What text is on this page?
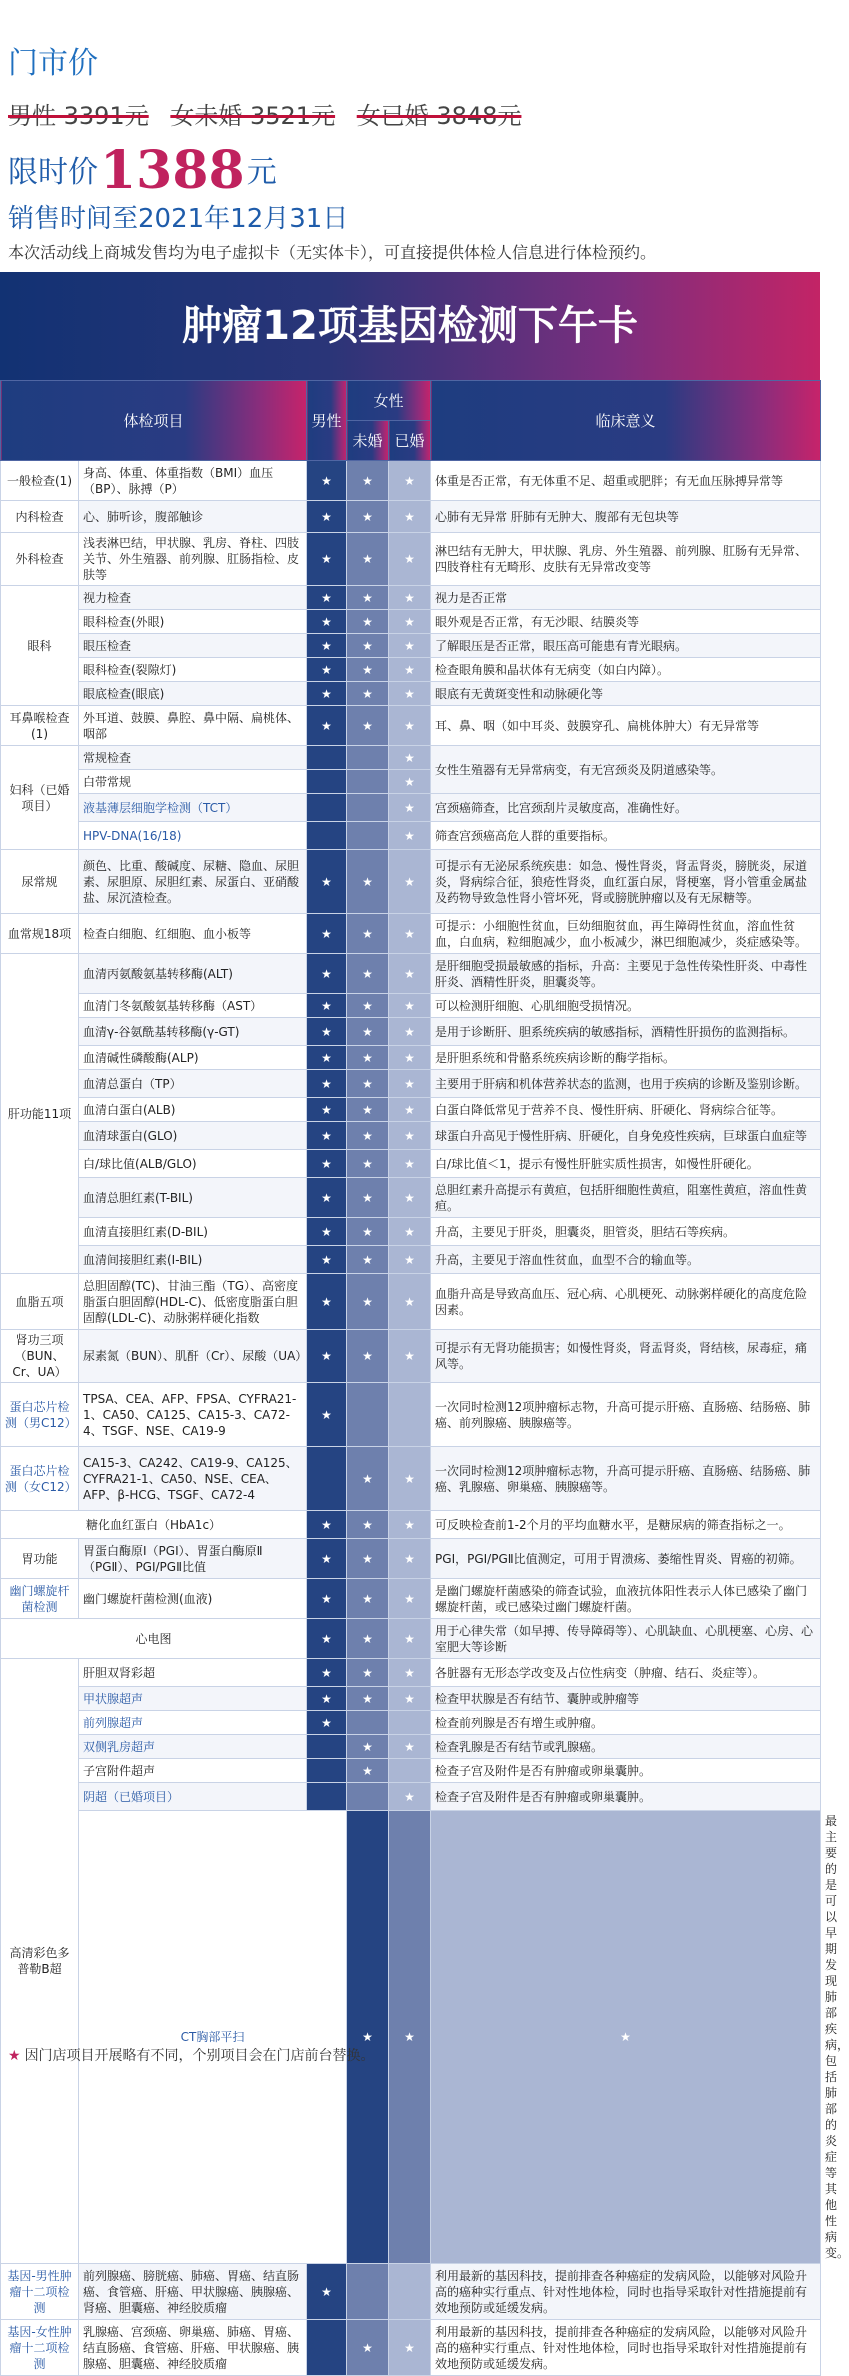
门市价
男性 3391元 女未婚 3521元 女已婚 3848元
限时价1388元
销售时间至2021年12月31日
本次活动线上商城发售均为电子虚拟卡（无实体卡），可直接提供体检人信息进行体检预约。
肿瘤12项基因检测下午卡
体检项目		男性	女性		临床意义	
			未婚	已婚		
一般检查(1)	身高、体重、体重指数（BMI）血压（BP）、脉搏（P）	★	★	★	体重是否正常，有无体重不足、超重或肥胖；有无血压脉搏异常等	
内科检查	心、肺听诊，腹部触诊	★	★	★	心肺有无异常 肝肺有无肿大、腹部有无包块等	
外科检查	浅表淋巴结，甲状腺、乳房、脊柱、四肢关节、外生殖器、前列腺、肛肠指检、皮肤等	★	★	★	淋巴结有无肿大，甲状腺、乳房、外生殖器、前列腺、肛肠有无异常、四肢脊柱有无畸形、皮肤有无异常改变等	
眼科	视力检查	★	★	★	视力是否正常	
	眼科检查(外眼)	★	★	★	眼外观是否正常，有无沙眼、结膜炎等	
	眼压检查	★	★	★	了解眼压是否正常，眼压高可能患有青光眼病。	
	眼科检查(裂隙灯)	★	★	★	检查眼角膜和晶状体有无病变（如白内障）。	
	眼底检查(眼底)	★	★	★	眼底有无黄斑变性和动脉硬化等	
耳鼻喉检查(1)	外耳道、鼓膜、鼻腔、鼻中隔、扁桃体、咽部	★	★	★	耳、鼻、咽（如中耳炎、鼓膜穿孔、扁桃体肿大）有无异常等	
妇科（已婚项目）	常规检查			★	女性生殖器有无异常病变，有无宫颈炎及阴道感染等。	
	白带常规			★		
	液基薄层细胞学检测（TCT）			★	宫颈癌筛查，比宫颈刮片灵敏度高，准确性好。	
	HPV-DNA(16/18)			★	筛查宫颈癌高危人群的重要指标。	
尿常规	颜色、比重、酸碱度、尿糖、隐血、尿胆素、尿胆原、尿胆红素、尿蛋白、亚硝酸盐、尿沉渣检查。	★	★	★	可提示有无泌尿系统疾患：如急、慢性肾炎，肾盂肾炎，膀胱炎，尿道炎，肾病综合征，狼疮性肾炎，血红蛋白尿，肾梗塞，肾小管重金属盐及药物导致急性肾小管坏死，肾或膀胱肿瘤以及有无尿糖等。	
血常规18项	检查白细胞、红细胞、血小板等	★	★	★	可提示：小细胞性贫血，巨幼细胞贫血，再生障碍性贫血，溶血性贫血，白血病，粒细胞减少，血小板减少，淋巴细胞减少，炎症感染等。	
肝功能11项	血清丙氨酸氨基转移酶(ALT)	★	★	★	是肝细胞受损最敏感的指标，升高：主要见于急性传染性肝炎、中毒性肝炎、酒精性肝炎，胆囊炎等。	
	血清门冬氨酸氨基转移酶（AST）	★	★	★	可以检测肝细胞、心肌细胞受损情况。	
	血清γ-谷氨酰基转移酶(γ-GT)	★	★	★	是用于诊断肝、胆系统疾病的敏感指标，酒精性肝损伤的监测指标。	
	血清碱性磷酸酶(ALP)	★	★	★	是肝胆系统和骨骼系统疾病诊断的酶学指标。	
	血清总蛋白（TP）	★	★	★	主要用于肝病和机体营养状态的监测，也用于疾病的诊断及鉴别诊断。	
	血清白蛋白(ALB)	★	★	★	白蛋白降低常见于营养不良、慢性肝病、肝硬化、肾病综合征等。	
	血清球蛋白(GLO)	★	★	★	球蛋白升高见于慢性肝病、肝硬化，自身免疫性疾病，巨球蛋白血症等	
	白/球比值(ALB/GLO)	★	★	★	白/球比值＜1，提示有慢性肝脏实质性损害，如慢性肝硬化。	
	血清总胆红素(T-BIL)	★	★	★	总胆红素升高提示有黄疸，包括肝细胞性黄疸，阻塞性黄疸，溶血性黄疸。	
	血清直接胆红素(D-BIL)	★	★	★	升高，主要见于肝炎，胆囊炎，胆管炎，胆结石等疾病。	
	血清间接胆红素(I-BIL)	★	★	★	升高，主要见于溶血性贫血，血型不合的输血等。	
血脂五项	总胆固醇(TC)、甘油三酯（TG）、高密度脂蛋白胆固醇(HDL-C)、低密度脂蛋白胆固醇(LDL-C)、动脉粥样硬化指数	★	★	★	血脂升高是导致高血压、冠心病、心肌梗死、动脉粥样硬化的高度危险因素。	
肾功三项（BUN、Cr、UA）	尿素氮（BUN）、肌酐（Cr）、尿酸（UA）	★	★	★	可提示有无肾功能损害；如慢性肾炎，肾盂肾炎，肾结核，尿毒症，痛风等。	
蛋白芯片检测（男C12）	TPSA、CEA、AFP、FPSA、CYFRA21-1、CA50、CA125、CA15-3、CA72-4、TSGF、NSE、CA19-9	★			一次同时检测12项肿瘤标志物，升高可提示肝癌、直肠癌、结肠癌、肺癌、前列腺癌、胰腺癌等。	
蛋白芯片检测（女C12）	CA15-3、CA242、CA19-9、CA125、CYFRA21-1、CA50、NSE、CEA、AFP、β-HCG、TSGF、CA72-4		★	★	一次同时检测12项肿瘤标志物，升高可提示肝癌、直肠癌、结肠癌、肺癌、乳腺癌、卵巢癌、胰腺癌等。	
糖化血红蛋白（HbA1c）		★	★	★	可反映检查前1-2个月的平均血糖水平，是糖尿病的筛查指标之一。	
胃功能	胃蛋白酶原Ⅰ（PGⅠ）、胃蛋白酶原Ⅱ（PGⅡ）、PGⅠ/PGⅡ比值	★	★	★	PGⅠ，PGⅠ/PGⅡ比值测定，可用于胃溃疡、萎缩性胃炎、胃癌的初筛。	
幽门螺旋杆菌检测	幽门螺旋杆菌检测(血液)	★	★	★	是幽门螺旋杆菌感染的筛查试验，血液抗体阳性表示人体已感染了幽门螺旋杆菌，或已感染过幽门螺旋杆菌。	
心电图		★	★	★	用于心律失常（如早搏、传导障碍等）、心肌缺血、心肌梗塞、心房、心室肥大等诊断	
高清彩色多普勒B超	肝胆双肾彩超	★	★	★	各脏器有无形态学改变及占位性病变（肿瘤、结石、炎症等）。	
	甲状腺超声	★	★	★	检查甲状腺是否有结节、囊肿或肿瘤等	
	前列腺超声	★			检查前列腺是否有增生或肿瘤。	
	双侧乳房超声		★	★	检查乳腺是否有结节或乳腺癌。	
	子宫附件超声		★		检查子宫及附件是否有肿瘤或卵巢囊肿。	
	阴超（已婚项目）			★	检查子宫及附件是否有肿瘤或卵巢囊肿。	
	CT胸部平扫		★	★	★	最主要的是可以早期发现肺部疾病，包括肺部的炎症等其他性病变。
基因-男性肿瘤十二项检测	前列腺癌、膀胱癌、肺癌、胃癌、结直肠癌、食管癌、肝癌、甲状腺癌、胰腺癌、肾癌、胆囊癌、神经胶质瘤	★			利用最新的基因科技，提前排查各种癌症的发病风险，以能够对风险升高的癌种实行重点、针对性地体检，同时也指导采取针对性措施提前有效地预防或延缓发病。	
基因-女性肿瘤十二项检测	乳腺癌、宫颈癌、卵巢癌、肺癌、胃癌、结直肠癌、食管癌、肝癌、甲状腺癌、胰腺癌、胆囊癌、神经胶质瘤		★	★	利用最新的基因科技，提前排查各种癌症的发病风险，以能够对风险升高的癌种实行重点、针对性地体检，同时也指导采取针对性措施提前有效地预防或延缓发病。	
★ 因门店项目开展略有不同，个别项目会在门店前台替换。
